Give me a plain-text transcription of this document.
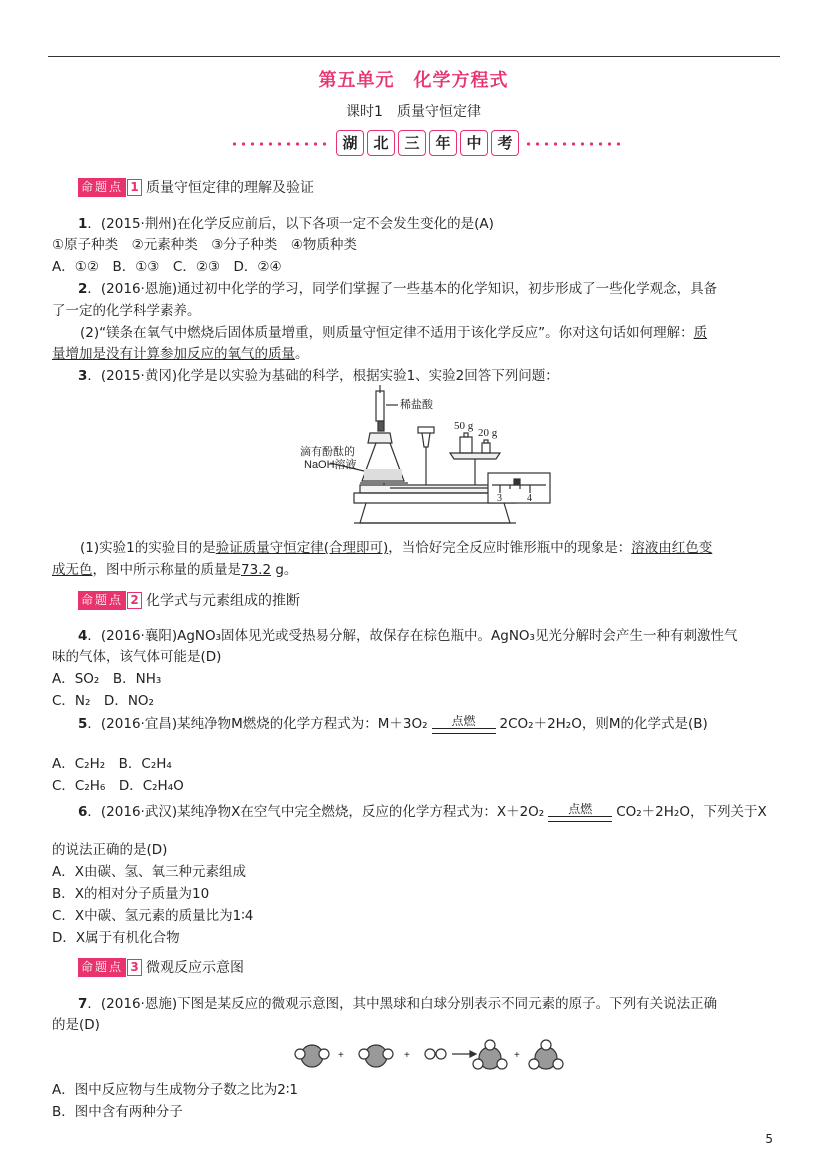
第五单元　化学方程式
课时1　质量守恒定律
湖	北	三	年	中	考
命题点 1 质量守恒定律的理解及验证
1．(2015·荆州)在化学反应前后，以下各项一定不会发生变化的是(A)
①原子种类　②元素种类　③分子种类　④物质种类
A．①②　B．①③　C．②③　D．②④
2．(2016·恩施)通过初中化学的学习，同学们掌握了一些基本的化学知识，初步形成了一些化学观念，具备
了一定的化学科学素养。
(2)“镁条在氧气中燃烧后固体质量增重，则质量守恒定律不适用于该化学反应”。你对这句话如何理解：质
量增加是没有计算参加反应的氧气的质量。
3．(2015·黄冈)化学是以实验为基础的科学，根据实验1、实验2回答下列问题：
稀盐酸
滴有酚酞的
NaOH溶液
50 g
20 g
3	4
(1)实验1的实验目的是验证质量守恒定律(合理即可)，当恰好完全反应时锥形瓶中的现象是：溶液由红色变
成无色，图中所示称量的质量是73.2 g。
命题点 2 化学式与元素组成的推断
4．(2016·襄阳)AgNO₃固体见光或受热易分解，故保存在棕色瓶中。AgNO₃见光分解时会产生一种有刺激性气
味的气体，该气体可能是(D)
A．SO₂　B．NH₃
C．N₂　D．NO₂
5．(2016·宜昌)某纯净物M燃烧的化学方程式为：M＋3O₂	点燃	2CO₂＋2H₂O，则M的化学式是(B)
A．C₂H₂　B．C₂H₄
C．C₂H₆　D．C₂H₄O
6．(2016·武汉)某纯净物X在空气中完全燃烧，反应的化学方程式为：X＋2O₂	点燃	CO₂＋2H₂O，下列关于X
的说法正确的是(D)
A．X由碳、氢、氧三种元素组成
B．X的相对分子质量为10
C．X中碳、氢元素的质量比为1∶4
D．X属于有机化合物
命题点 3 微观反应示意图
7．(2016·恩施)下图是某反应的微观示意图，其中黑球和白球分别表示不同元素的原子。下列有关说法正确
的是(D)
+	+	+
A．图中反应物与生成物分子数之比为2∶1
B．图中含有两种分子
5
